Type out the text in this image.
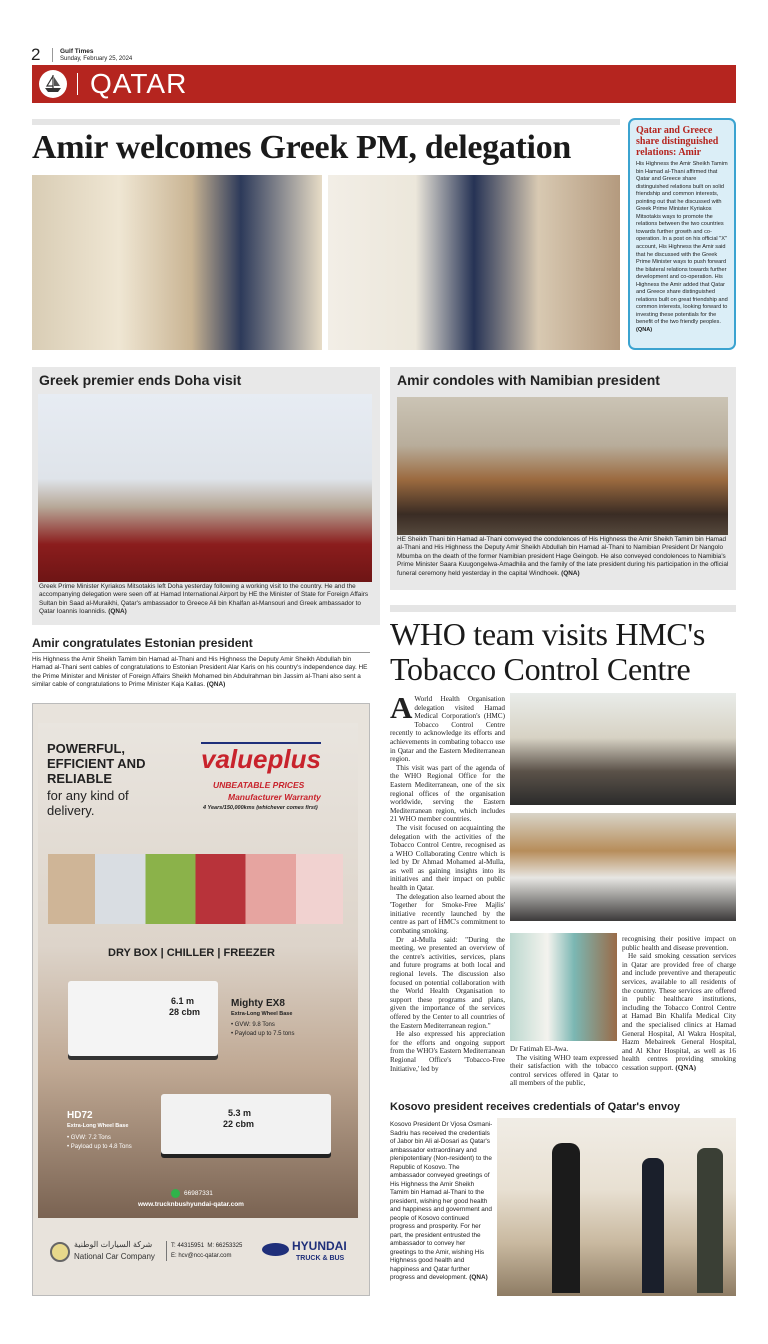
2	Gulf Times
Sunday, February 25, 2024
QATAR
Amir welcomes Greek PM, delegation	Qatar and Greece share distinguished relations: Amir
His Highness the Amir Sheikh Tamim bin Hamad al-Thani affirmed that Qatar and Greece share distinguished relations built on solid friendship and common interests, pointing out that he discussed with Greek Prime Minister Kyriakos Mitsotakis ways to promote the relations between the two countries towards further growth and co-operation. In a post on his official "X" account, His Highness the Amir said that he discussed with the Greek Prime Minister ways to push forward the bilateral relations towards further development and co-operation. His Highness the Amir added that Qatar and Greece share distinguished relations built on great friendship and common interests, looking forward to investing these potentials for the benefit of the two friendly peoples. (QNA)
Greek premier ends Doha visit
Greek Prime Minister Kyriakos Mitsotakis left Doha yesterday following a working visit to the country. He and the accompanying delegation were seen off at Hamad International Airport by HE the Minister of State for Foreign Affairs Sultan bin Saad al-Muraikhi, Qatar's ambassador to Greece Ali bin Khalfan al-Mansouri and Greek ambassador to Qatar Ioannis Ioannidis. (QNA)
Amir condoles with Namibian president
HE Sheikh Thani bin Hamad al-Thani conveyed the condolences of His Highness the Amir Sheikh Tamim bin Hamad al-Thani and His Highness the Deputy Amir Sheikh Abdullah bin Hamad al-Thani to Namibian President Dr Nangolo Mbumba on the death of the former Namibian president Hage Geingob. He also conveyed condolences to Namibia's Prime Minister Saara Kuugongelwa-Amadhila and the family of the late president during his participation in the official funeral ceremony held yesterday in the capital Windhoek. (QNA)
Amir congratulates Estonian president
His Highness the Amir Sheikh Tamim bin Hamad al-Thani and His Highness the Deputy Amir Sheikh Abdullah bin Hamad al-Thani sent cables of congratulations to Estonian President Alar Karis on his country's independence day. HE the Prime Minister and Minister of Foreign Affairs Sheikh Mohamed bin Abdulrahman bin Jassim al-Thani also sent a similar cable of congratulations to Prime Minister Kaja Kallas. (QNA)
POWERFUL, EFFICIENT AND RELIABLE
for any kind of delivery.
valueplus
UNBEATABLE PRICES
Manufacturer Warranty
4 Years/150,000kms (whichever comes first)
DRY BOX | CHILLER | FREEZER
6.1 m
28 cbm
Mighty EX8
Extra-Long Wheel Base
• GVW: 9.8 Tons
• Payload up to 7.5 tons
5.3 m
22 cbm
HD72
Extra-Long Wheel Base
• GVW: 7.2 Tons
• Payload up to 4.8 Tons
66987331
www.trucknbushyundai-qatar.com
شركة السيارات الوطنية
National Car Company
T: 44315951  M: 66253325
E: hcv@ncc-qatar.com
HYUNDAI
TRUCK & BUS
WHO team visits HMC's Tobacco Control Centre

A World Health Organisation delegation visited Hamad Medical Corporation's (HMC) Tobacco Control Centre recently to acknowledge its efforts and achievements in combating tobacco use in Qatar and the Eastern Mediterranean region.

This visit was part of the agenda of the WHO Regional Office for the Eastern Mediterranean, one of the six regional offices of the organisation worldwide, serving the Eastern Mediterranean region, which includes 21 WHO member countries.

The visit focused on acquainting the delegation with the activities of the Tobacco Control Centre, recognised as a WHO Collaborating Centre which is led by Dr Ahmad Mohamed al-Mulla, as well as gaining insights into its initiatives and their impact on public health in Qatar.

The delegation also learned about the 'Together for Smoke-Free Majlis' initiative recently launched by the centre as part of HMC's commitment to combating smoking.

Dr al-Mulla said: "During the meeting, we presented an overview of the centre's activities, services, plans and future programs at both local and regional levels. The discussion also focused on potential collaboration with the World Health Organisation to support these programs and plans, given the importance of the services offered by the Center to all countries of the Eastern Mediterranean region."

He also expressed his appreciation for the efforts and ongoing support from the WHO's Eastern Mediterranean Regional Office's 'Tobacco-Free Initiative,' led by

Dr Fatimah El-Awa.

The visiting WHO team expressed their satisfaction with the tobacco control services offered in Qatar to all members of the public,

recognising their positive impact on public health and disease prevention.

He said smoking cessation services in Qatar are provided free of charge and include preventive and therapeutic services, available to all residents of the country. These services are offered in public healthcare institutions, including the Tobacco Control Centre at Hamad Bin Khalifa Medical City and the specialised clinics at Hamad General Hospital, Al Wakra Hospital, Hazm Mebaireek General Hospital, and Al Khor Hospital, as well as 16 health centres providing smoking cessation support. (QNA)

Kosovo president receives credentials of Qatar's envoy
Kosovo President Dr Vjosa Osmani-Sadriu has received the credentials of Jabor bin Ali al-Dosari as Qatar's ambassador extraordinary and plenipotentiary (Non-resident) to the Republic of Kosovo. The ambassador conveyed greetings of His Highness the Amir Sheikh Tamim bin Hamad al-Thani to the president, wishing her good health and happiness and government and people of Kosovo continued progress and prosperity. For her part, the president entrusted the ambassador to convey her greetings to the Amir, wishing His Highness good health and happiness and Qatar further progress and development. (QNA)
